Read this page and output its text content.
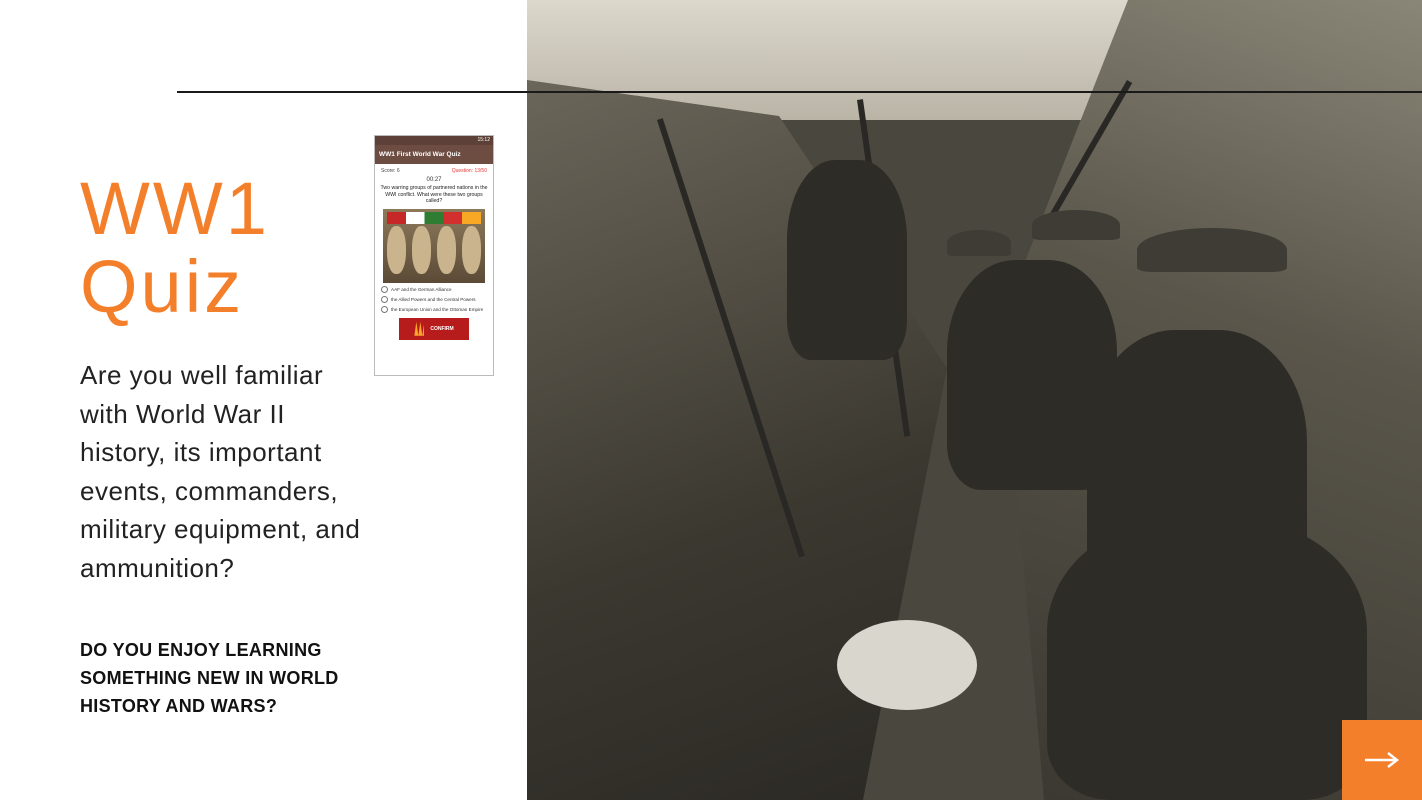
WW1 Quiz

Are you well familiar with World War II history, its important events, commanders, military equipment, and ammunition?

DO YOU ENJOY LEARNING SOMETHING NEW IN WORLD HISTORY AND WARS?

15:12
WW1 First World War Quiz
Score: 6	Question: 13/50
00:27
Two warring groups of partnered nations in the WWI conflict. What were these two groups called?
AAF and the German Alliance
the Allied Powers and the Central Powers
the European Union and the Ottoman Empire
CONFIRM
